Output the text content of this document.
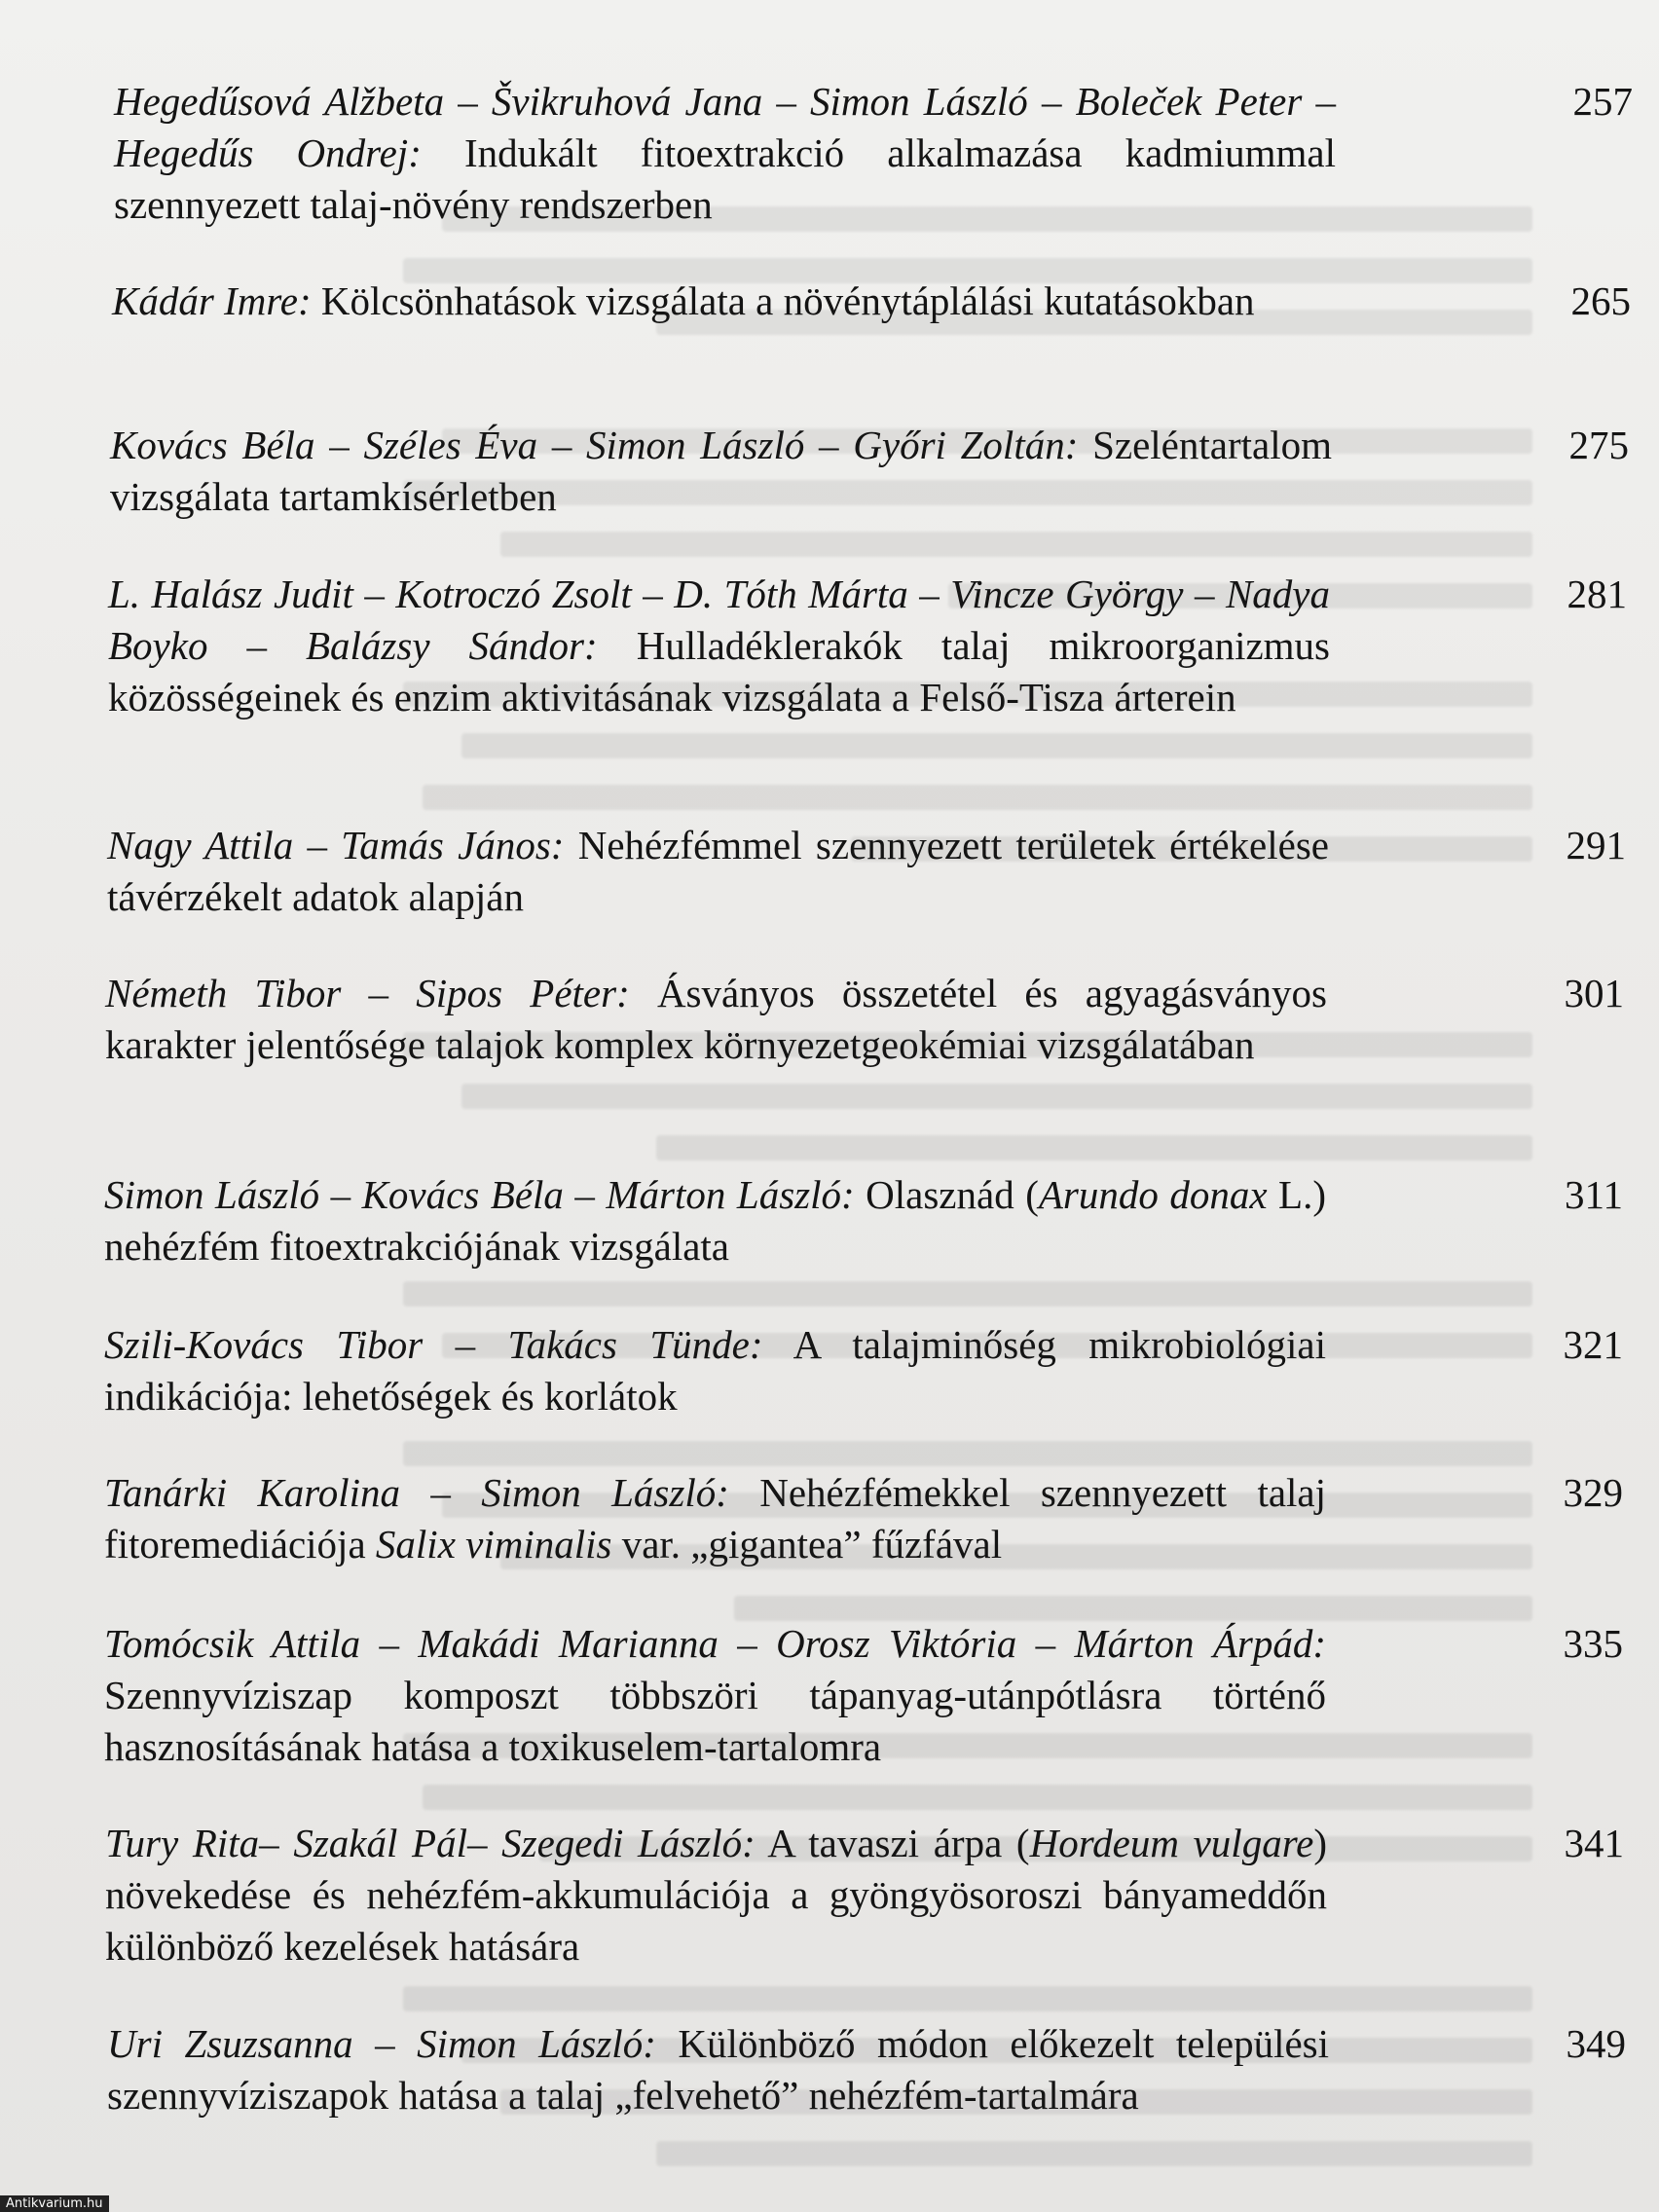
Hegedűsová Alžbeta – Švikruhová Jana – Simon László – Boleček Peter – Hegedűs Ondrej: Indukált fitoextrakció alkalmazása kadmiummal szennyezett talaj-növény rendszerben
257
Kádár Imre: Kölcsönhatások vizsgálata a növénytáplálási kutatásokban	265
Kovács Béla – Széles Éva – Simon László – Győri Zoltán: Szeléntartalom vizsgálata tartamkísérletben
275
L. Halász Judit – Kotroczó Zsolt – D. Tóth Márta – Vincze György – Nadya Boyko – Balázsy Sándor: Hulladéklerakók talaj mikroorganizmus közösségeinek és enzim aktivitásának vizsgálata a Felső-Tisza árterein
281
Nagy Attila – Tamás János: Nehézfémmel szennyezett területek értékelése távérzékelt adatok alapján
291
Németh Tibor – Sipos Péter: Ásványos összetétel és agyagásványos karakter jelentősége talajok komplex környezetgeokémiai vizsgálatában
301
Simon László – Kovács Béla – Márton László: Olasznád (Arundo donax L.) nehézfém fitoextrakciójának vizsgálata
311
Szili-Kovács Tibor – Takács Tünde: A talajminőség mikrobiológiai indikációja: lehetőségek és korlátok
321
Tanárki Karolina – Simon László: Nehézfémekkel szennyezett talaj fitoremediációja Salix viminalis var. „gigantea” fűzfával
329
Tomócsik Attila – Makádi Marianna – Orosz Viktória – Márton Árpád: Szennyvíziszap komposzt többszöri tápanyag-utánpótlásra történő hasznosításának hatása a toxikuselem-tartalomra
335
Tury Rita– Szakál Pál– Szegedi László: A tavaszi árpa (Hordeum vulgare) növekedése és nehézfém-akkumulációja a gyöngyösoroszi bányameddőn különböző kezelések hatására
341
Uri Zsuzsanna – Simon László: Különböző módon előkezelt települési szennyvíziszapok hatása a talaj „felvehető” nehézfém-tartalmára
349
Antikvarium.hu
